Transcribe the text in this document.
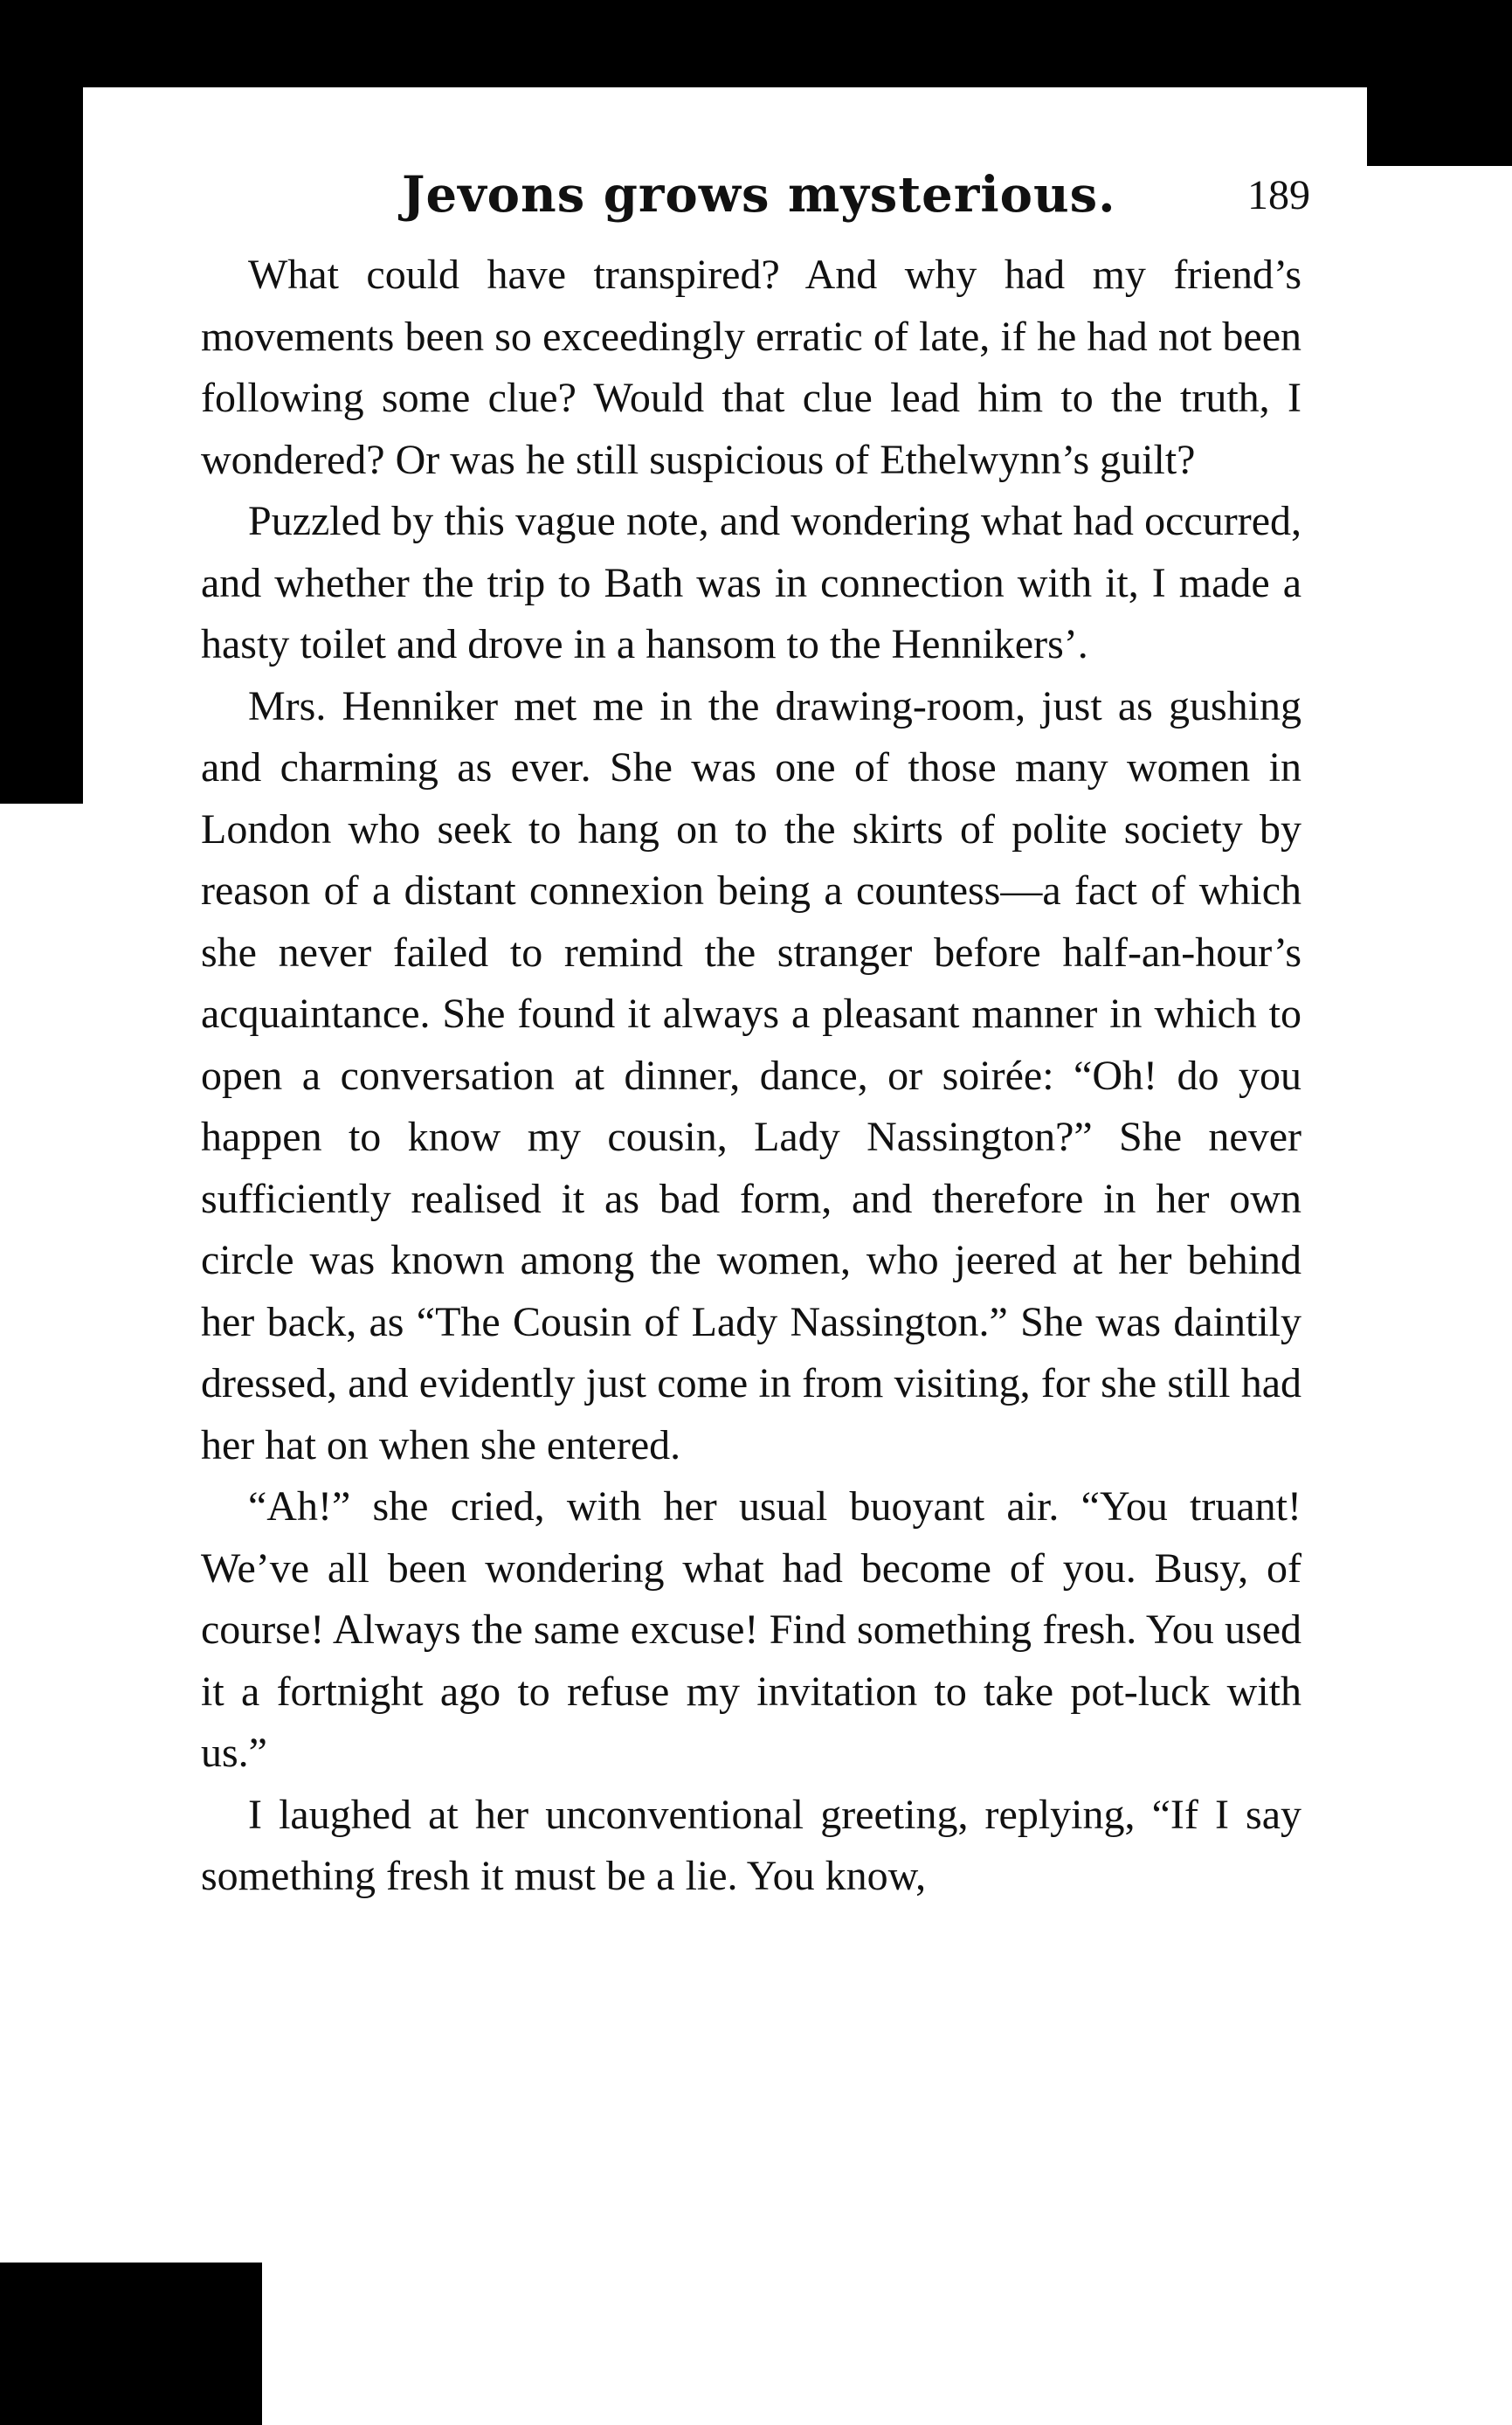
Jevons grows mysterious.	189

What could have transpired? And why had my friend’s movements been so exceedingly erratic of late, if he had not been following some clue? Would that clue lead him to the truth, I wondered? Or was he still suspicious of Ethelwynn’s guilt?

Puzzled by this vague note, and wondering what had occurred, and whether the trip to Bath was in connection with it, I made a hasty toilet and drove in a hansom to the Hennikers’.

Mrs. Henniker met me in the drawing-room, just as gushing and charming as ever. She was one of those many women in London who seek to hang on to the skirts of polite society by reason of a distant connexion being a countess—a fact of which she never failed to remind the stranger before half-an-hour’s acquaintance. She found it always a pleasant manner in which to open a conversation at dinner, dance, or soirée: “Oh! do you happen to know my cousin, Lady Nassington?” She never sufficiently realised it as bad form, and therefore in her own circle was known among the women, who jeered at her behind her back, as “The Cousin of Lady Nassington.” She was daintily dressed, and evidently just come in from visiting, for she still had her hat on when she entered.

“Ah!” she cried, with her usual buoyant air. “You truant! We’ve all been wondering what had become of you. Busy, of course! Always the same excuse! Find something fresh. You used it a fortnight ago to refuse my invitation to take pot-luck with us.”

I laughed at her unconventional greeting, replying, “If I say something fresh it must be a lie. You know,
